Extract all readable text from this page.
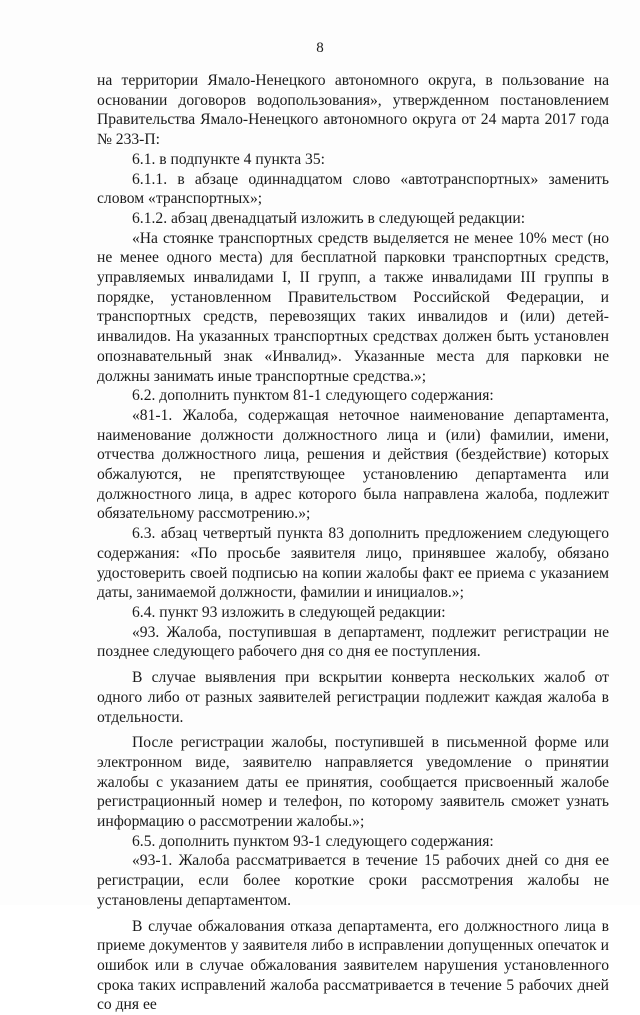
8

на территории Ямало-Ненецкого автономного округа, в пользование на основании договоров водопользования», утвержденном постановлением Правительства Ямало-Ненецкого автономного округа от 24 марта 2017 года № 233-П:

6.1. в подпункте 4 пункта 35:

6.1.1. в абзаце одиннадцатом слово «автотранспортных» заменить словом «транспортных»;

6.1.2. абзац двенадцатый изложить в следующей редакции:

«На стоянке транспортных средств выделяется не менее 10% мест (но не менее одного места) для бесплатной парковки транспортных средств, управляемых инвалидами I, II групп, а также инвалидами III группы в порядке, установленном Правительством Российской Федерации, и транспортных средств, перевозящих таких инвалидов и (или) детей-инвалидов. На указанных транспортных средствах должен быть установлен опознавательный знак «Инвалид». Указанные места для парковки не должны занимать иные транспортные средства.»;

6.2. дополнить пунктом 81-1 следующего содержания:

«81-1. Жалоба, содержащая неточное наименование департамента, наименование должности должностного лица и (или) фамилии, имени, отчества должностного лица, решения и действия (бездействие) которых обжалуются, не препятствующее установлению департамента или должностного лица, в адрес которого была направлена жалоба, подлежит обязательному рассмотрению.»;

6.3. абзац четвертый пункта 83 дополнить предложением следующего содержания: «По просьбе заявителя лицо, принявшее жалобу, обязано удостоверить своей подписью на копии жалобы факт ее приема с указанием даты, занимаемой должности, фамилии и инициалов.»;

6.4. пункт 93 изложить в следующей редакции:

«93. Жалоба, поступившая в департамент, подлежит регистрации не позднее следующего рабочего дня со дня ее поступления.

В случае выявления при вскрытии конверта нескольких жалоб от одного либо от разных заявителей регистрации подлежит каждая жалоба в отдельности.

После регистрации жалобы, поступившей в письменной форме или электронном виде, заявителю направляется уведомление о принятии жалобы с указанием даты ее принятия, сообщается присвоенный жалобе регистрационный номер и телефон, по которому заявитель сможет узнать информацию о рассмотрении жалобы.»;

6.5. дополнить пунктом 93-1 следующего содержания:

«93-1. Жалоба рассматривается в течение 15 рабочих дней со дня ее регистрации, если более короткие сроки рассмотрения жалобы не установлены департаментом.

В случае обжалования отказа департамента, его должностного лица в приеме документов у заявителя либо в исправлении допущенных опечаток и ошибок или в случае обжалования заявителем нарушения установленного срока таких исправлений жалоба рассматривается в течение 5 рабочих дней со дня ее
